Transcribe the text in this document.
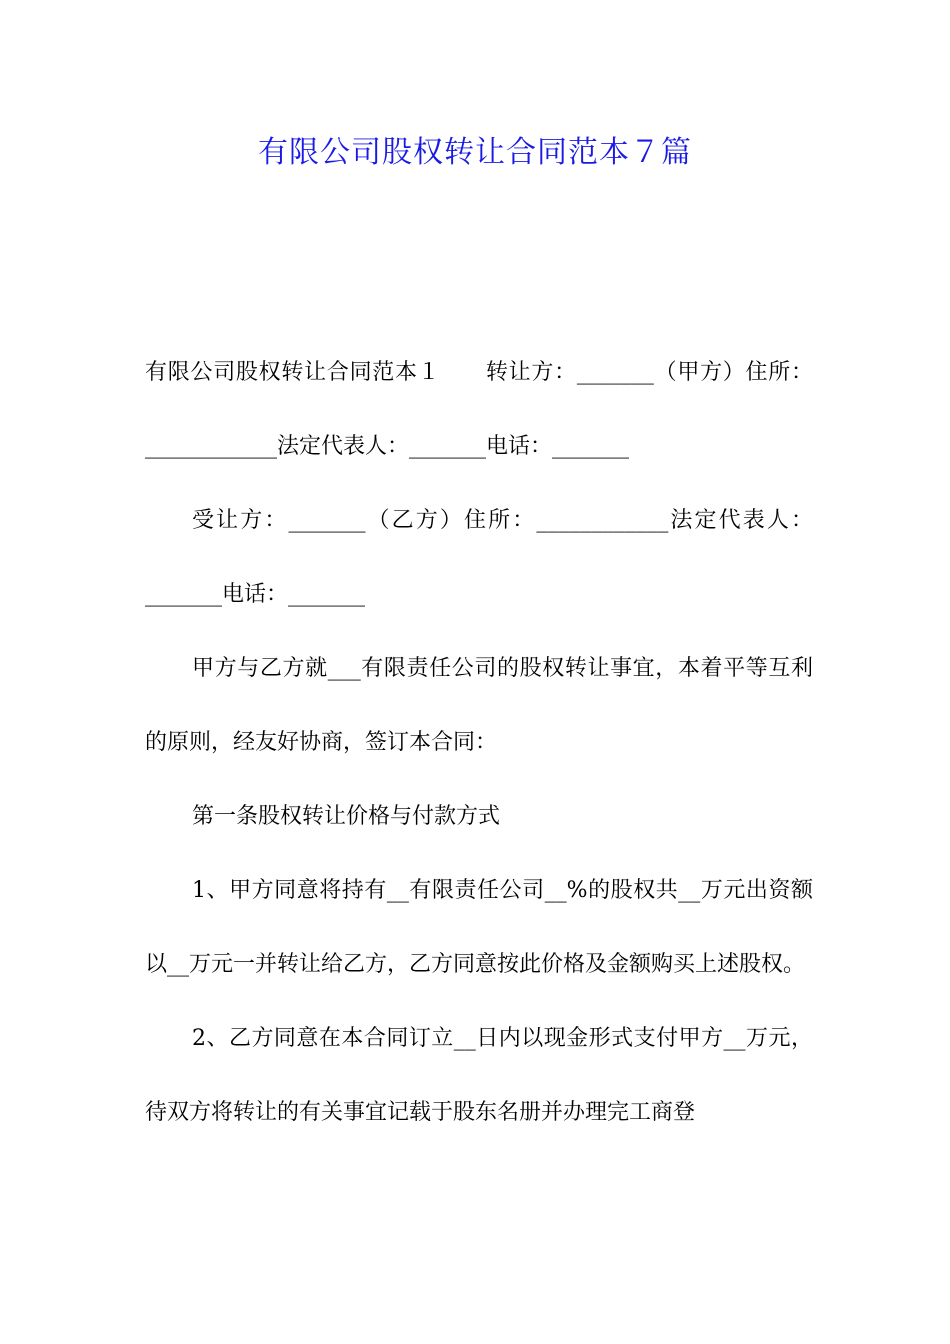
有限公司股权转让合同范本７篇

有限公司股权转让合同范本１　　转让方：_______（甲方）住所：____________法定代表人：_______电话：_______

受让方：_______（乙方）住所：____________法定代表人：_______电话：_______

甲方与乙方就___有限责任公司的股权转让事宜，本着平等互利的原则，经友好协商，签订本合同：

第一条股权转让价格与付款方式

1、甲方同意将持有__有限责任公司__%的股权共__万元出资额以__万元一并转让给乙方，乙方同意按此价格及金额购买上述股权。

2、乙方同意在本合同订立__日内以现金形式支付甲方__万元，待双方将转让的有关事宜记载于股东名册并办理完工商登
